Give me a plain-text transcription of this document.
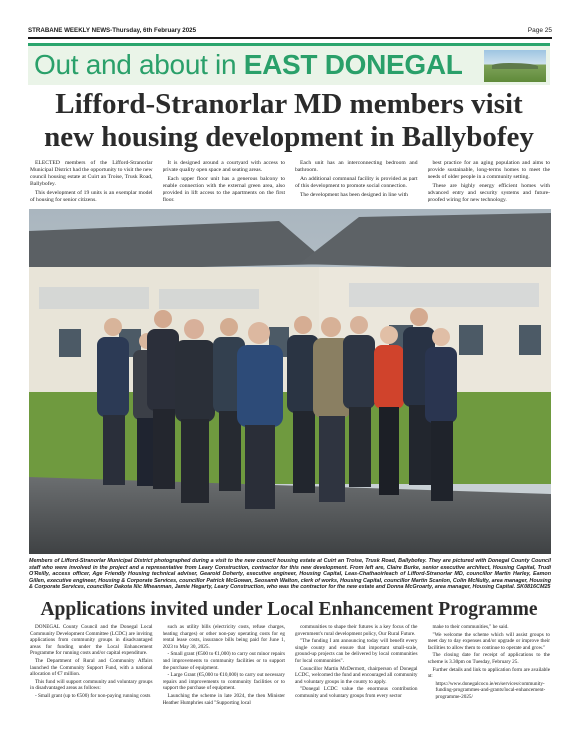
STRABANE WEEKLY NEWS-Thursday, 6th February 2025	Page 25
Out and about in EAST DONEGAL
Lifford-Stranorlar MD members visit new housing development in Ballybofey

ELECTED members of the Lifford-Stranorlar Municipal District had the opportunity to visit the new council housing estate at Cuirt an Troise, Trusk Road, Ballybofey.

This development of 19 units is an exemplar model of housing for senior citizens.

It is designed around a courtyard with access to private quality open space and seating areas.

Each upper floor unit has a generous balcony to enable connection with the external green area, also provided in lift access to the apartments on the first floor.

Each unit has an interconnecting bedroom and bathroom.

An additional communal facility is provided as part of this development to promote social connection.

The development has been designed in line with

best practice for an aging population and aims to provide sustainable, long-terms homes to meet the needs of older people in a community setting.

These are highly energy efficient homes with advanced entry and security systems and future-proofed wiring for new technology.

Members of Lifford-Stranorlar Municipal District photographed during a visit to the new council housing estate at Cuirt an Troise, Trusk Road, Ballybofey. They are pictured with Donegal County Council staff who were involved in the project and a representative from Leary Construction, contractor for this new development. From left are, Claire Burke, senior executive architect, Housing Capital, Trudi O'Reilly, access officer, Age Friendly Housing technical adviser, Gearoid Doherty, executive engineer, Housing Capital, Leas-Chathaoirleach of Lifford-Stranorlar MD, councillor Martin Harley, Eamon Gillen, executive engineer, Housing & Corporate Services, councillor Patrick McGowan, Seosamh Walton, clerk of works, Housing Capital, councillor Martin Scanlon, Colin McNulty, area manager, Housing & Corporate Services, councillor Dakota Nic Mheanman, Jamie Hegarty, Leary Construction, who was the contractor for the new estate and Donna McGroarty, area manager, Housing Capital. SK0816CM25
Applications invited under Local Enhancement Programme

DONEGAL County Council and the Donegal Local Community Development Committee (LCDC) are inviting applications from community groups in disadvantaged areas for funding under the Local Enhancement Programme for running costs and/or capital expenditure.

The Department of Rural and Community Affairs launched the Community Support Fund, with a national allocation of €7 million.

This fund will support community and voluntary groups in disadvantaged areas as follows:

- Small grant (up to €500) for non-paying running costs

such as utility bills (electricity costs, refuse charges, heating charges) or other non-pay operating costs for eg rental lease costs, insurance bills being paid for June 1, 2023 to May 30, 2025.

- Small grant (€500 to €1,000) to carry out minor repairs and improvements to community facilities or to support the purchase of equipment.

- Large Grant (€5,000 to €10,000) to carry out necessary repairs and improvements to community facilities or to support the purchase of equipment.

Launching the scheme in late 2024, the then Minister Heather Humphries said "Supporting local

communities to shape their futures is a key focus of the government's rural development policy, Our Rural Future.

"The funding I am announcing today will benefit every single county and ensure that important small-scale, ground-up projects can be delivered by local communities for local communities".

Councillor Martin McDermott, chairperson of Donegal LCDC, welcomed the fund and encouraged all community and voluntary groups in the county to apply.

"Donegal LCDC value the enormous contribution community and voluntary groups from every sector

make to their communities," he said.

"We welcome the scheme which will assist groups to meet day to day expenses and/or upgrade or improve their facilities to allow them to continue to operate and grow."

The closing date for receipt of applications to the scheme is 3.30pm on Tuesday, February 25.

Further details and link to application form are available at:

https://www.donegalcoco.ie/en/services/community-funding-programmes-and-grants/local-enhancement-programme-2025/
